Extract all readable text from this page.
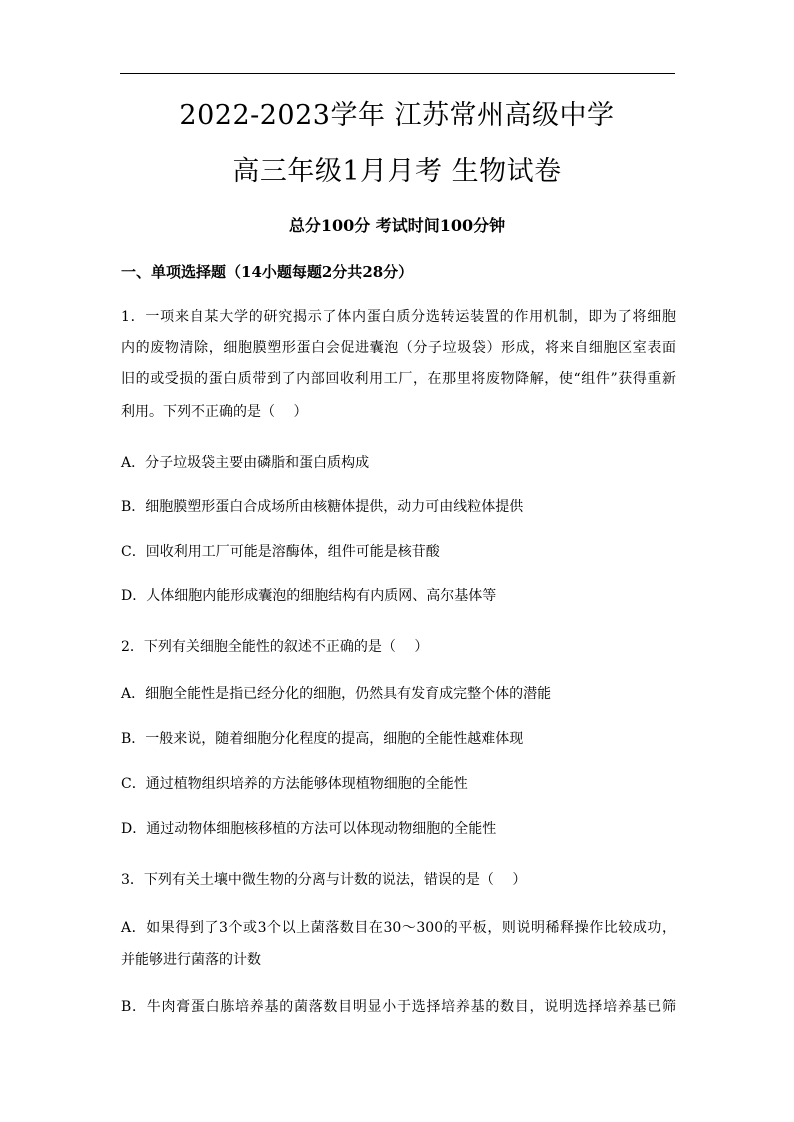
2022-2023学年 江苏常州高级中学
高三年级1月月考 生物试卷
总分100分 考试时间100分钟
一、单项选择题（14小题每题2分共28分）
1．一项来自某大学的研究揭示了体内蛋白质分选转运装置的作用机制，即为了将细胞
内的废物清除，细胞膜塑形蛋白会促进囊泡（分子垃圾袋）形成，将来自细胞区室表面
旧的或受损的蛋白质带到了内部回收利用工厂，在那里将废物降解，使“组件”获得重新
利用。下列不正确的是（　 ）
A．分子垃圾袋主要由磷脂和蛋白质构成
B．细胞膜塑形蛋白合成场所由核糖体提供，动力可由线粒体提供
C．回收利用工厂可能是溶酶体，组件可能是核苷酸
D．人体细胞内能形成囊泡的细胞结构有内质网、高尔基体等
2．下列有关细胞全能性的叙述不正确的是（　 ）
A．细胞全能性是指已经分化的细胞，仍然具有发育成完整个体的潜能
B．一般来说，随着细胞分化程度的提高，细胞的全能性越难体现
C．通过植物组织培养的方法能够体现植物细胞的全能性
D．通过动物体细胞核移植的方法可以体现动物细胞的全能性
3．下列有关土壤中微生物的分离与计数的说法，错误的是（　 ）
A．如果得到了3个或3个以上菌落数目在30～300的平板，则说明稀释操作比较成功，
并能够进行菌落的计数
B．牛肉膏蛋白胨培养基的菌落数目明显小于选择培养基的数目，说明选择培养基已筛
